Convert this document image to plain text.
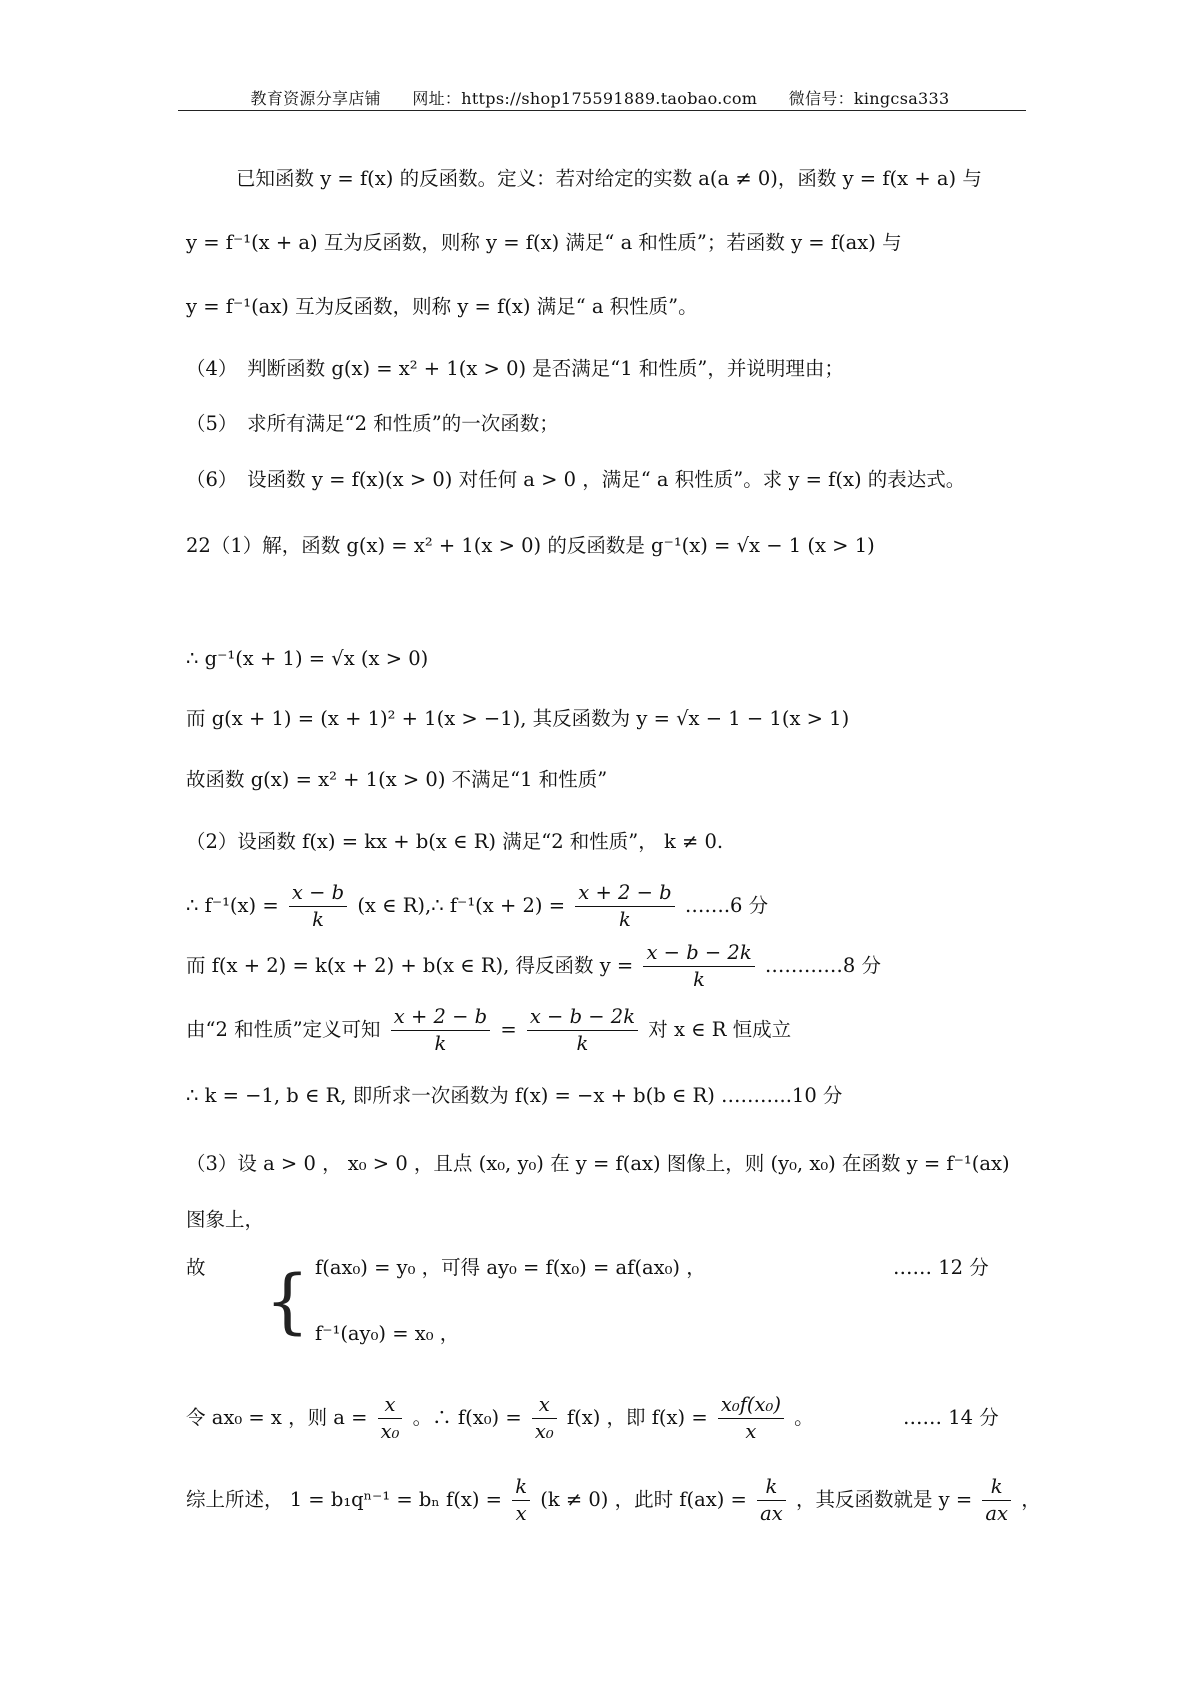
教育资源分享店铺 网址：https://shop175591889.taobao.com 微信号：kingcsa333
已知函数 y = f(x) 的反函数。定义：若对给定的实数 a(a ≠ 0)，函数 y = f(x + a) 与
y = f⁻¹(x + a) 互为反函数，则称 y = f(x) 满足“ a 和性质”；若函数 y = f(ax) 与
y = f⁻¹(ax) 互为反函数，则称 y = f(x) 满足“ a 积性质”。
（4）　判断函数 g(x) = x² + 1(x > 0) 是否满足“1 和性质”，并说明理由；
（5）　求所有满足“2 和性质”的一次函数；
（6）　设函数 y = f(x)(x > 0) 对任何 a > 0 ，满足“ a 积性质”。求 y = f(x) 的表达式。
22（1）解，函数 g(x) = x² + 1(x > 0) 的反函数是 g⁻¹(x) = √x − 1 (x > 1)
∴ g⁻¹(x + 1) = √x (x > 0)
而 g(x + 1) = (x + 1)² + 1(x > −1), 其反函数为 y = √x − 1 − 1(x > 1)
故函数 g(x) = x² + 1(x > 0) 不满足“1 和性质”
（2）设函数 f(x) = kx + b(x ∈ R) 满足“2 和性质”， k ≠ 0.
∴ $f^{-1}(x) = \frac{x - b}{k} (x$ ∈ R),∴ $f^{-1}(x + 2) = \frac{x + 2 - b}{k}$ …….6 分
而 f(x + 2) = k(x + 2) + b(x ∈ R), 得反函数 $y = \frac{x - b - 2k}{k}$ …………8 分
由“2 和性质”定义可知 $\frac{x + 2 - b}{k} = \frac{x - b - 2k}{k}$ 对 x ∈ R 恒成立
∴ k = −1, b ∈ R, 即所求一次函数为 f(x) = −x + b(b ∈ R) ………..10 分
（3）设 a > 0 ， x₀ > 0 ，且点 (x₀, y₀) 在 y = f(ax) 图像上，则 (y₀, x₀) 在函数 y = f⁻¹(ax)
图象上，
故 { f(ax₀) = y₀ ，可得 ay₀ = f(x₀) = af(ax₀) ，	…… 12 分
f⁻¹(ay₀) = x₀ ，
令 ax₀ = x ，则 $a = \frac{x}{\text{x₀}}$ 。∴ $f(x_0) = \frac{x}{\text{x₀}} f(x)$ ，即 $f(x) = \frac{\text{x₀f(x₀)}}{x}$ 。	…… 14 分
综上所述， 1 = b₁qⁿ⁻¹ = bₙ $f(x) = \frac{k}{x} (k \ne 0)$ ，此时 $f(ax) = \frac{k}{ax}$ ，其反函数就是 $y = \frac{k}{ax}$ ，
